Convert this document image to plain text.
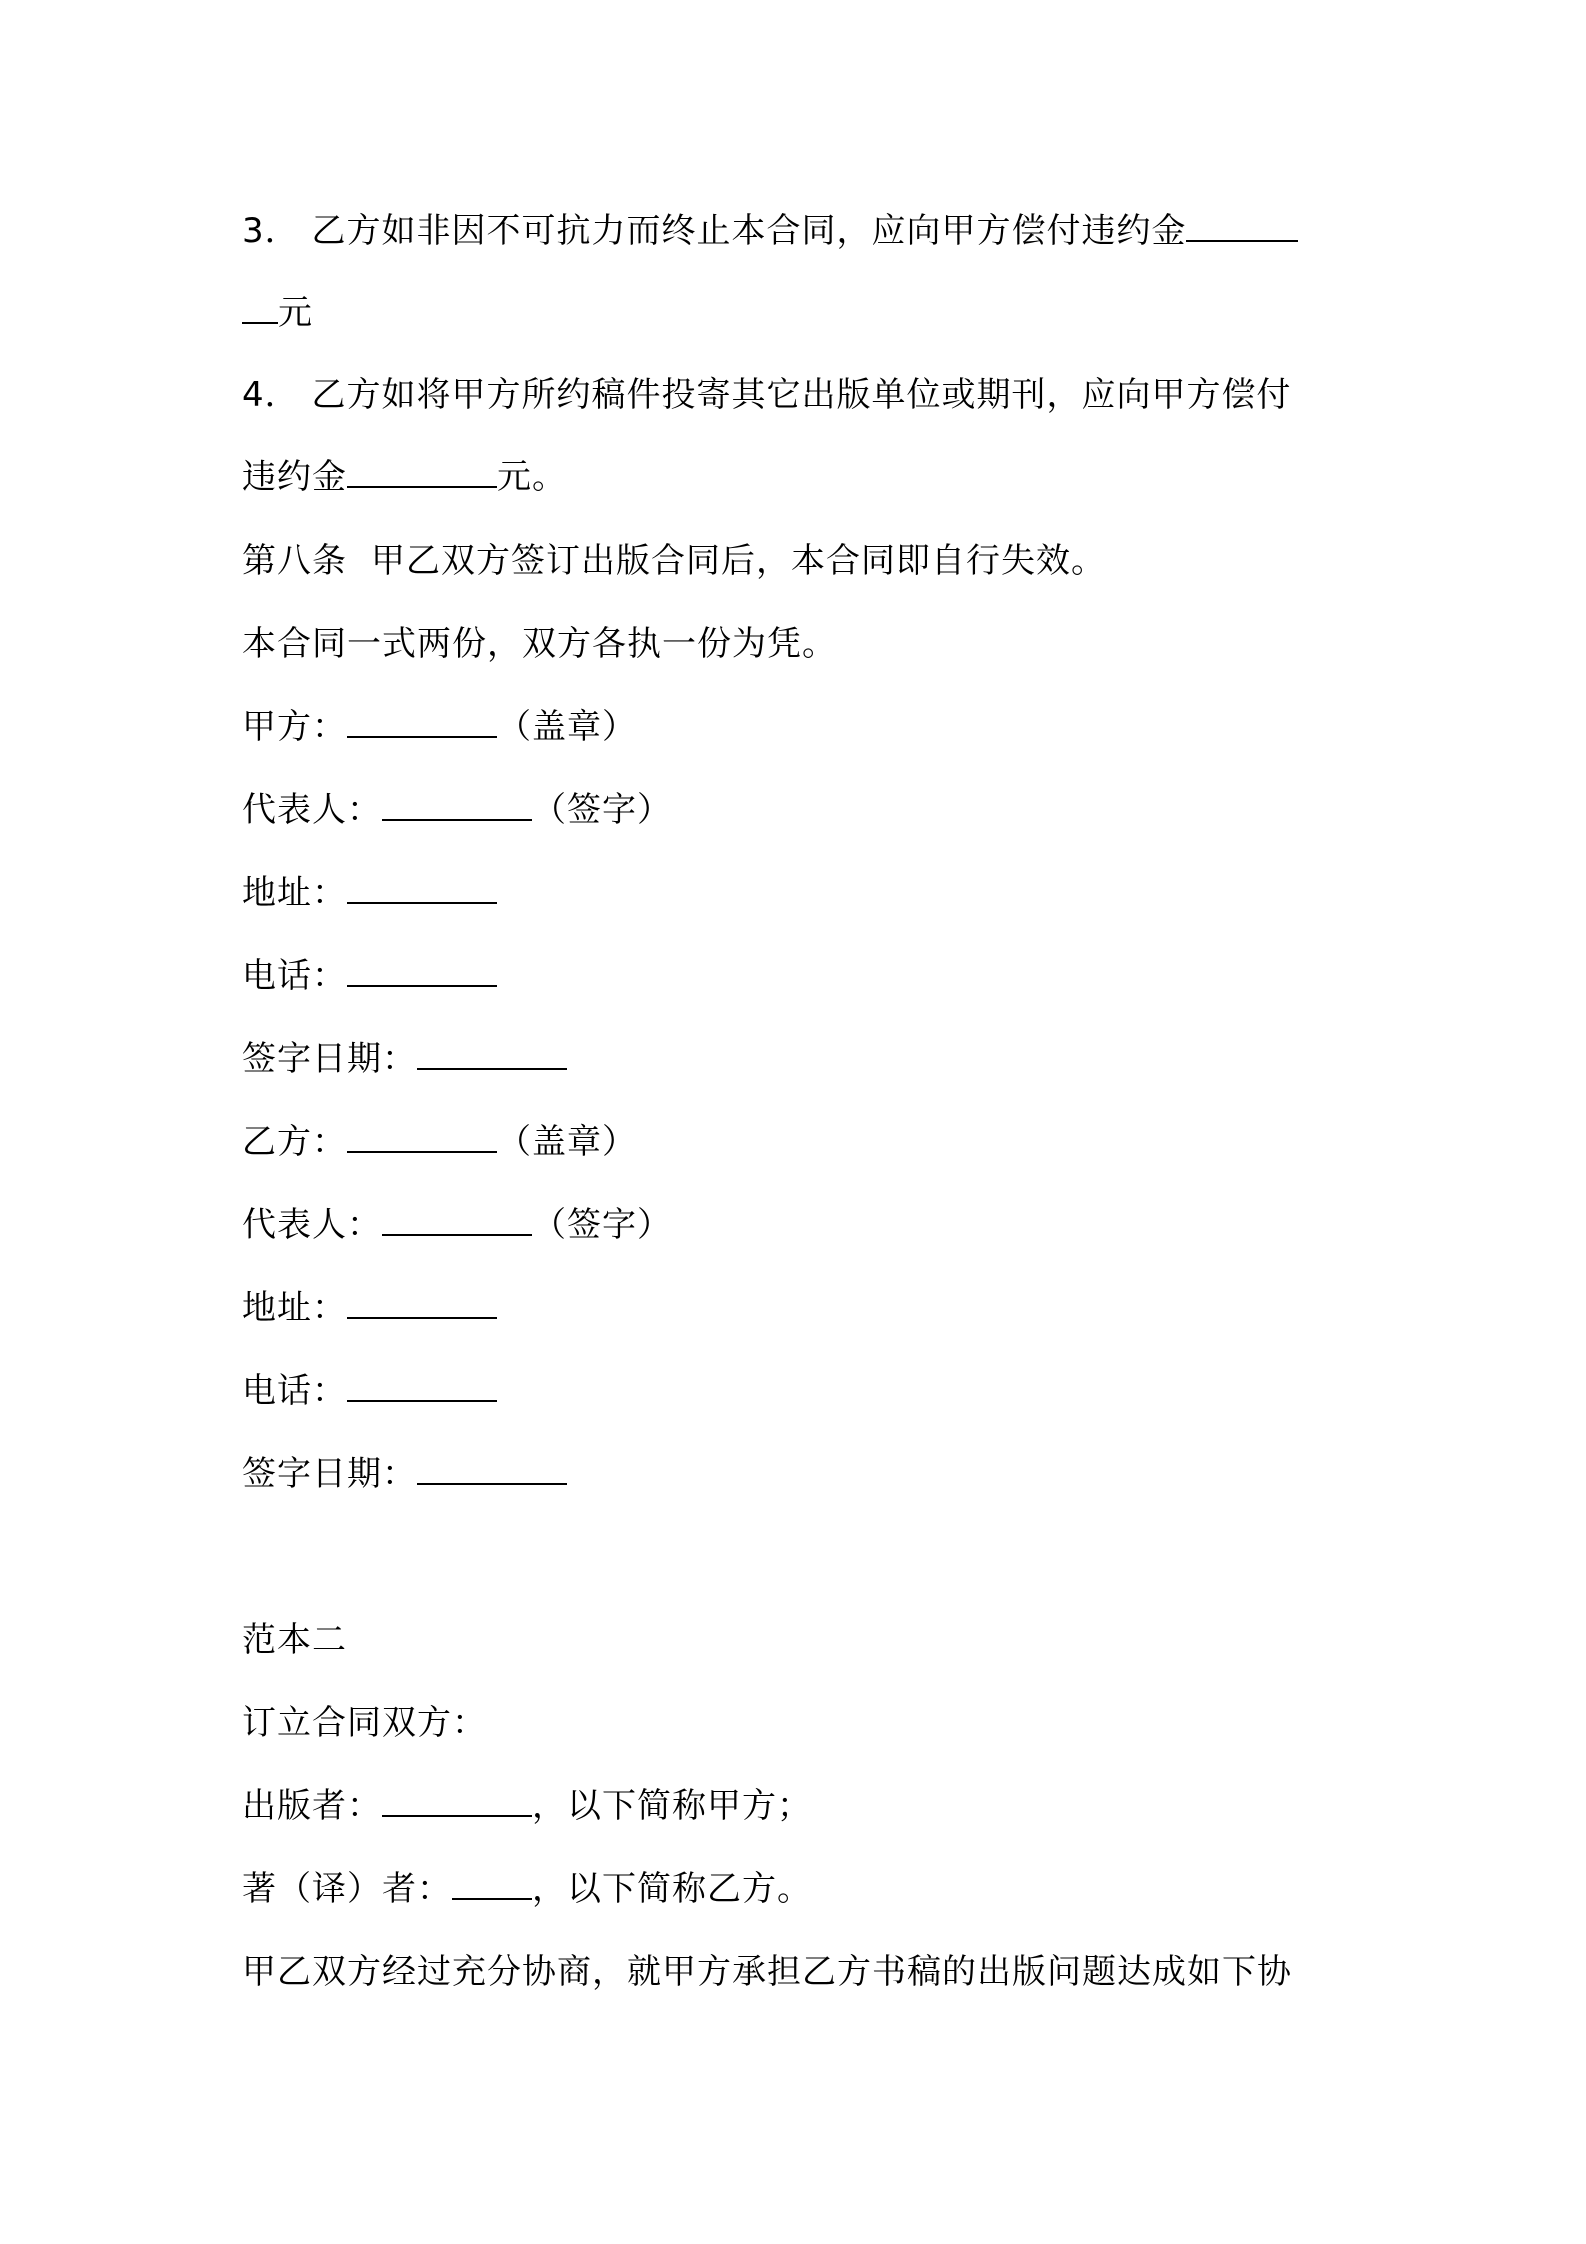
3． 乙方如非因不可抗力而终止本合同，应向甲方偿付违约金
元
4． 乙方如将甲方所约稿件投寄其它出版单位或期刊，应向甲方偿付
违约金	元。
第八条 甲乙双方签订出版合同后，本合同即自行失效。
本合同一式两份，双方各执一份为凭。
甲方：	（盖章）
代表人：	（签字）
地址：
电话：
签字日期：
乙方：	（盖章）
代表人：	（签字）
地址：
电话：
签字日期：
范本二
订立合同双方：
出版者：	，以下简称甲方；
著（译）者： ，以下简称乙方。
甲乙双方经过充分协商，就甲方承担乙方书稿的出版问题达成如下协
